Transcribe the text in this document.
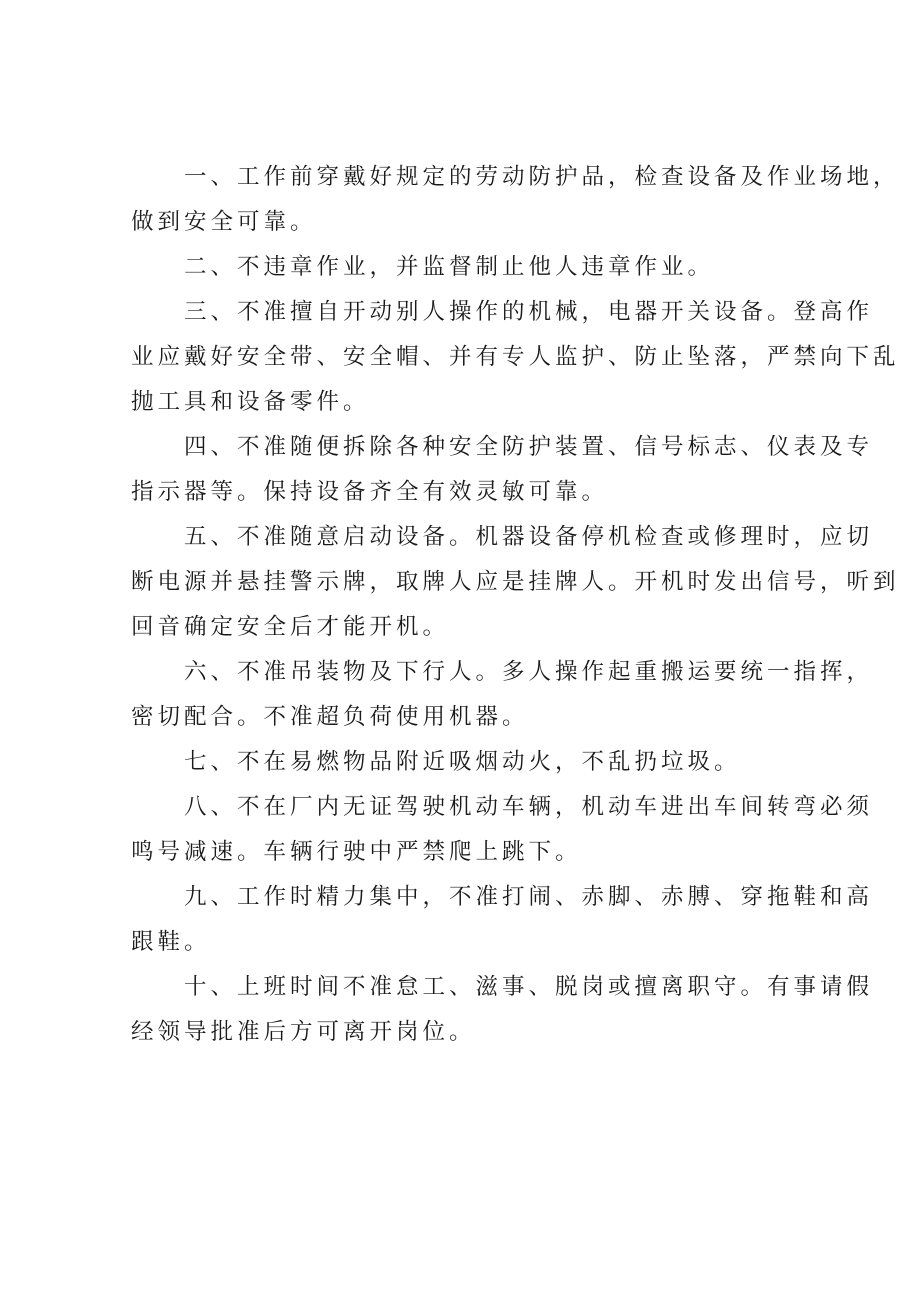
一、工作前穿戴好规定的劳动防护品，检查设备及作业场地，
做到安全可靠。
二、不违章作业，并监督制止他人违章作业。
三、不准擅自开动别人操作的机械，电器开关设备。登高作
业应戴好安全带、安全帽、并有专人监护、防止坠落，严禁向下乱
抛工具和设备零件。
四、不准随便拆除各种安全防护装置、信号标志、仪表及专
指示器等。保持设备齐全有效灵敏可靠。
五、不准随意启动设备。机器设备停机检查或修理时，应切
断电源并悬挂警示牌，取牌人应是挂牌人。开机时发出信号，听到
回音确定安全后才能开机。
六、不准吊装物及下行人。多人操作起重搬运要统一指挥，
密切配合。不准超负荷使用机器。
七、不在易燃物品附近吸烟动火，不乱扔垃圾。
八、不在厂内无证驾驶机动车辆，机动车进出车间转弯必须
鸣号减速。车辆行驶中严禁爬上跳下。
九、工作时精力集中，不准打闹、赤脚、赤膊、穿拖鞋和高
跟鞋。
十、上班时间不准怠工、滋事、脱岗或擅离职守。有事请假
经领导批准后方可离开岗位。
